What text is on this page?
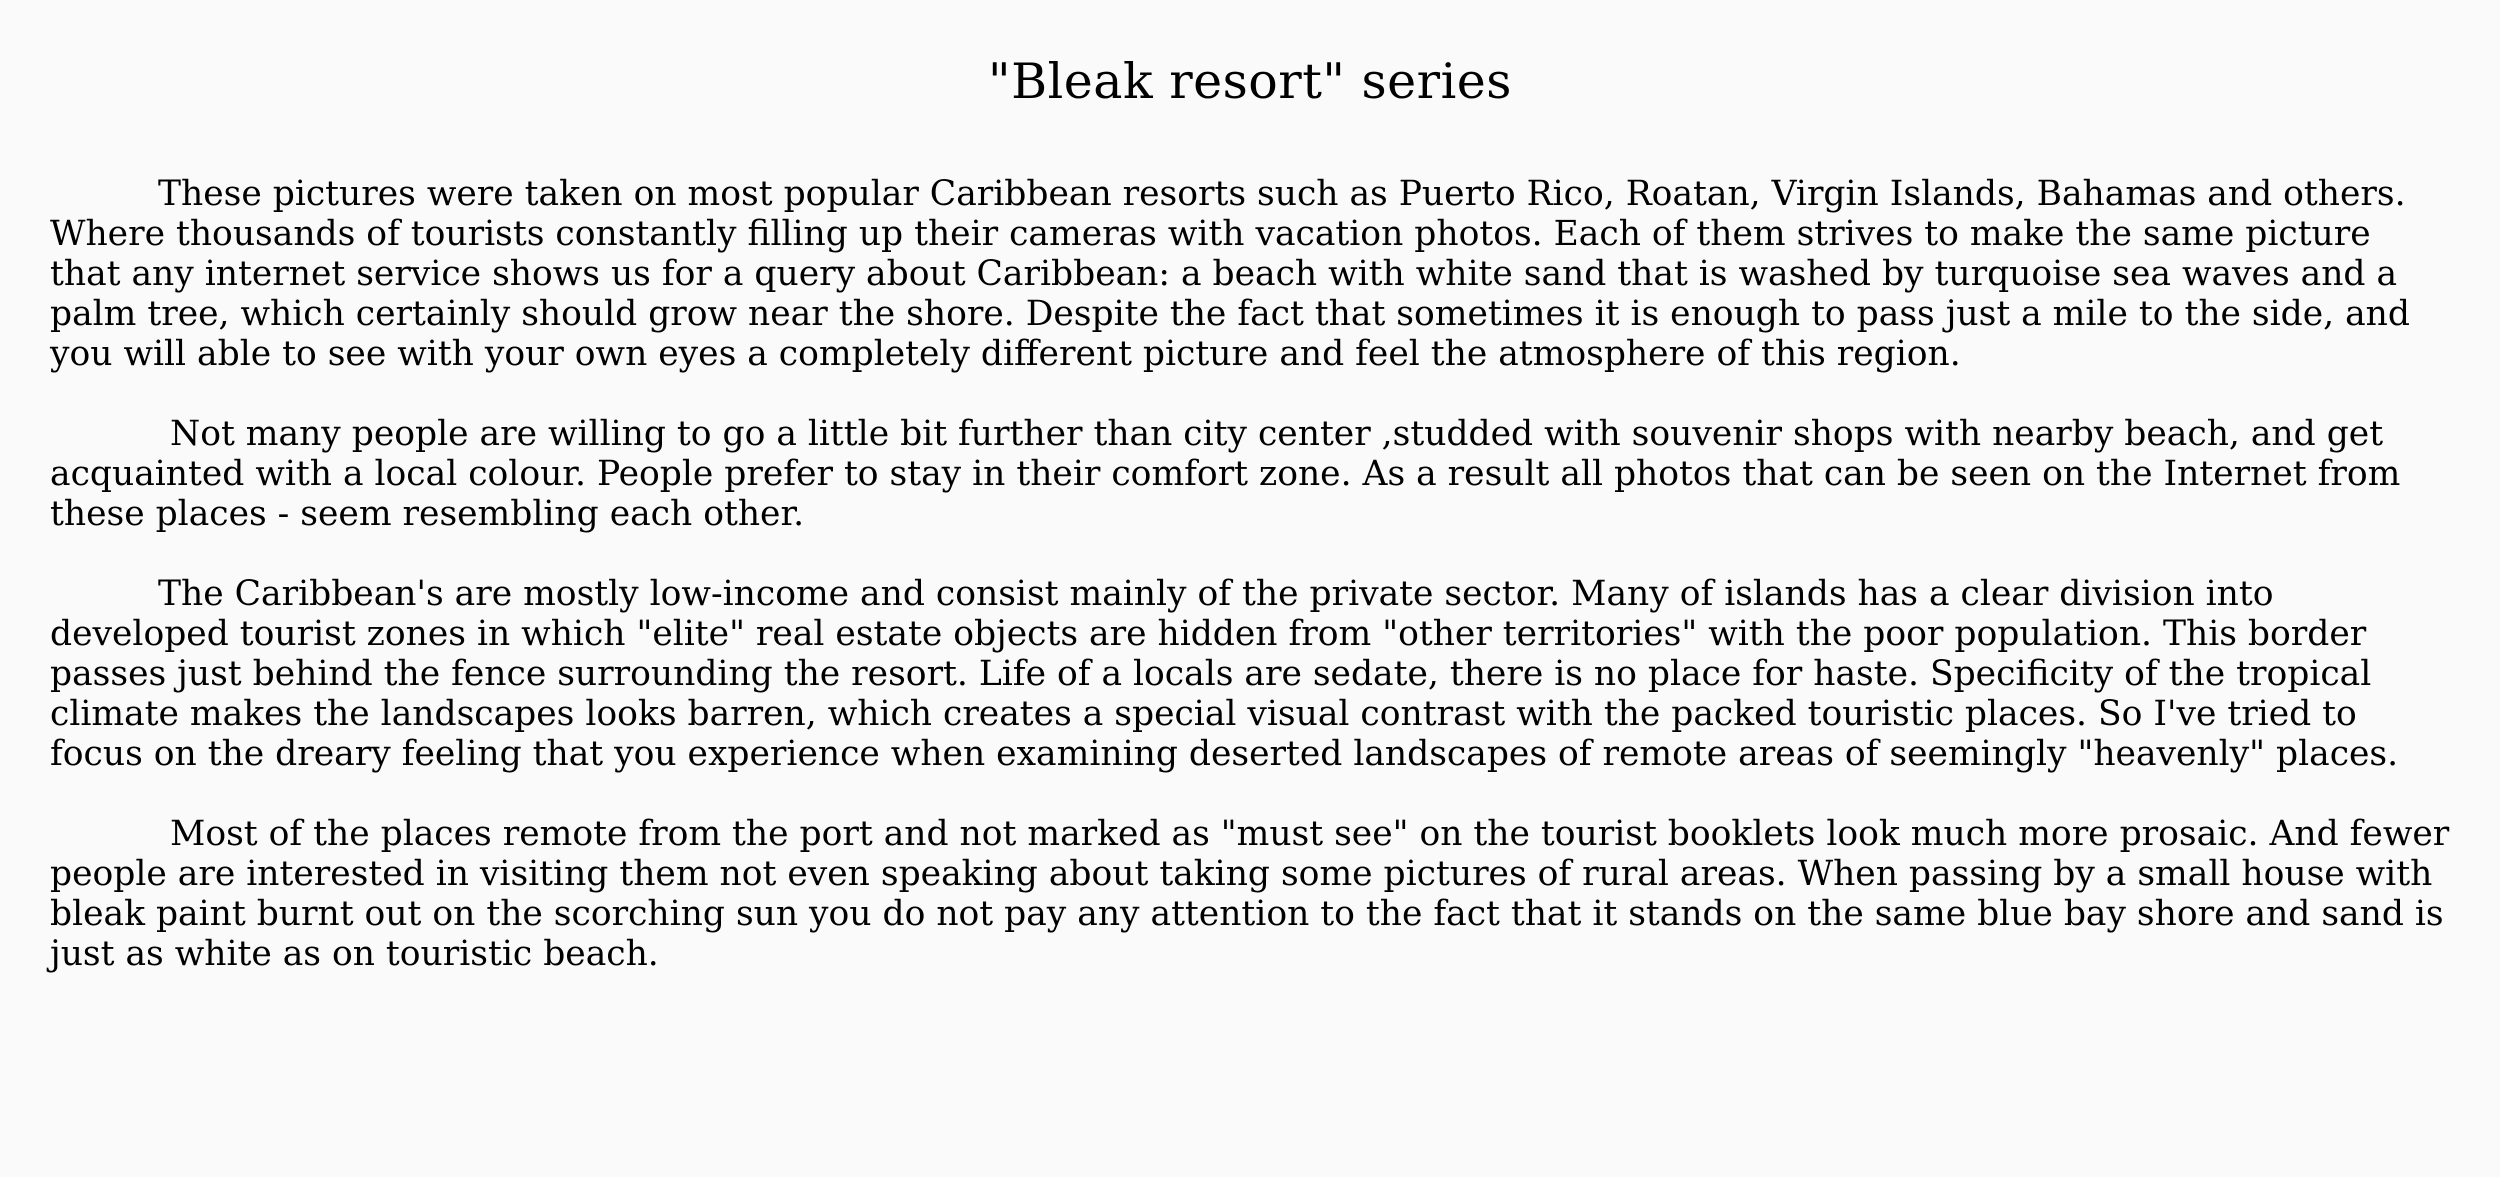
"Bleak resort" series

These pictures were taken on most popular Caribbean resorts such as Puerto Rico, Roatan, Virgin Islands, Bahamas and others. Where thousands of tourists constantly filling up their cameras with vacation photos. Each of them strives to make the same picture that any internet service shows us for a query about Caribbean: a beach with white sand that is washed by turquoise sea waves and a palm tree, which certainly should grow near the shore. Despite the fact that sometimes it is enough to pass just a mile to the side, and you will able to see with your own eyes a completely different picture and feel the atmosphere of this region.

Not many people are willing to go a little bit further than city center ,studded with souvenir shops with nearby beach, and get acquainted with a local colour. People prefer to stay in their comfort zone. As a result all photos that can be seen on the Internet from these places - seem resembling each other.

The Caribbean's are mostly low-income and consist mainly of the private sector. Many of islands has a clear division into developed tourist zones in which "elite" real estate objects are hidden from "other territories" with the poor population. This border passes just behind the fence surrounding the resort. Life of a locals are sedate, there is no place for haste. Specificity of the tropical climate makes the landscapes looks barren, which creates a special visual contrast with the packed touristic places. So I've tried to focus on the dreary feeling that you experience when examining deserted landscapes of remote areas of seemingly "heavenly" places.

Most of the places remote from the port and not marked as "must see" on the tourist booklets look much more prosaic. And fewer people are interested in visiting them not even speaking about taking some pictures of rural areas. When passing by a small house with bleak paint burnt out on the scorching sun you do not pay any attention to the fact that it stands on the same blue bay shore and sand is just as white as on touristic beach.
